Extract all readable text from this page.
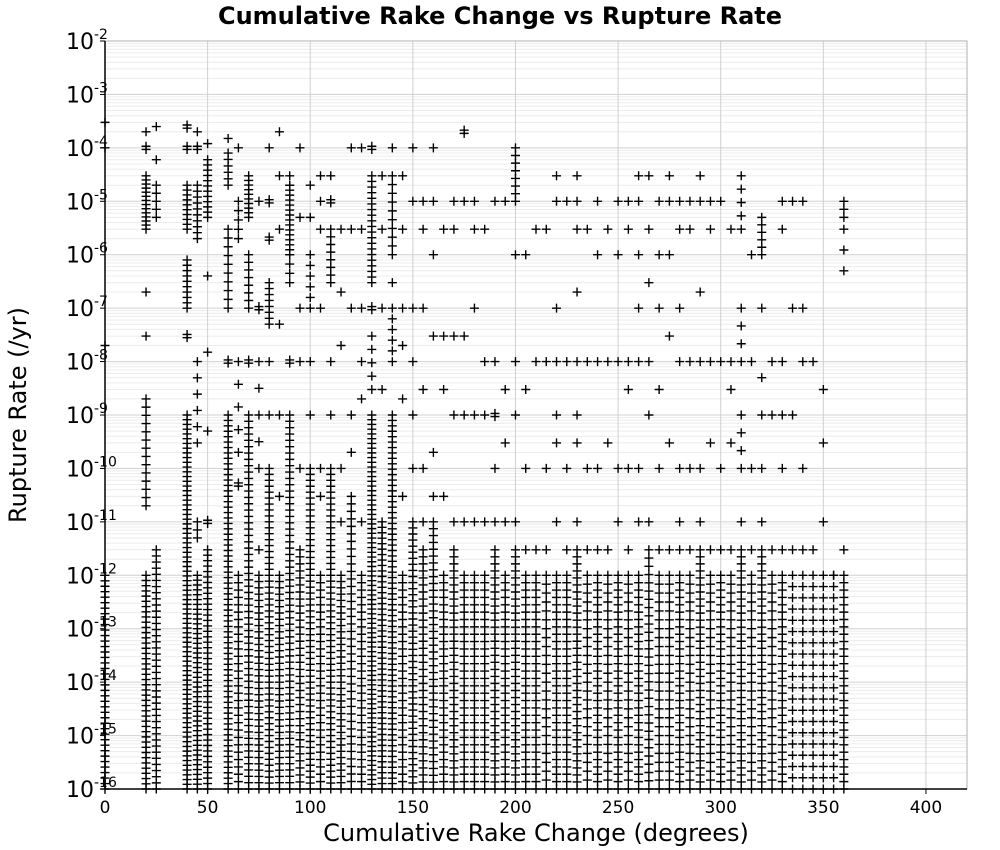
Cumulative Rake Change vs Rupture Rate
0	50	100	150	200	250	300	350	400
$10^{-16}$
$10^{-15}$
$10^{-14}$
$10^{-13}$
$10^{-12}$
$10^{-11}$
$10^{-10}$
$10^{-9}$
$10^{-8}$
$10^{-7}$
$10^{-6}$
$10^{-5}$
$10^{-4}$
$10^{-3}$
$10^{-2}$
Cumulative Rake Change (degrees)
Rupture Rate (/yr)
